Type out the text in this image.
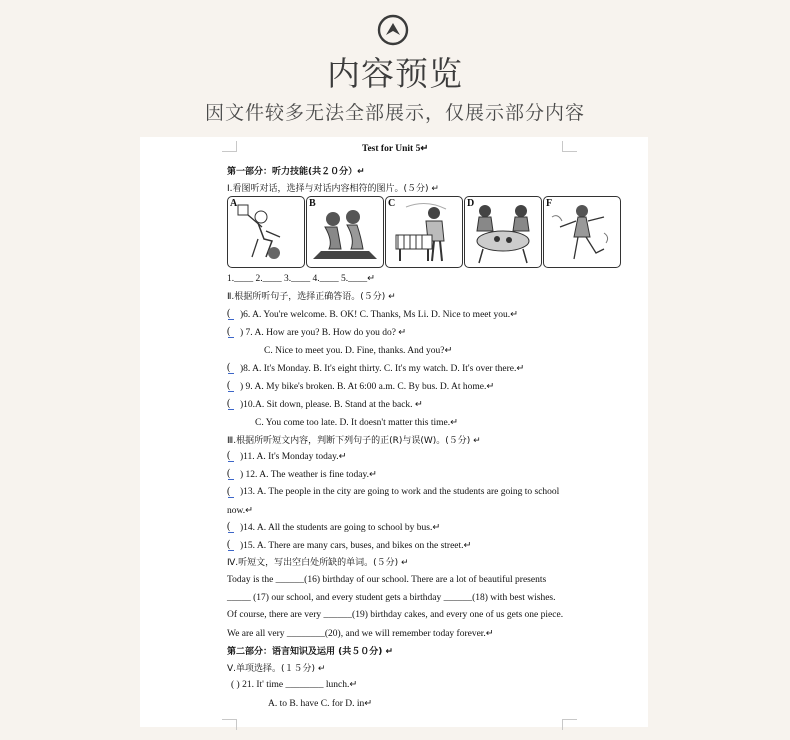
内容预览
因文件较多无法全部展示，仅展示部分内容
Test for Unit 5↵
第一部分：听力技能(共２０分）↵
Ⅰ.看图听对话，选择与对话内容相符的图片。(５分) ↵
A	B	C	D	F
1.____ 2.____ 3.____ 4.____ 5.____↵
Ⅱ.根据所听句子，选择正确答语。(５分) ↵
( )6. A. You're welcome. B. OK! C. Thanks, Ms Li. D. Nice to meet you.↵
( ) 7. A. How are you? B. How do you do? ↵
C. Nice to meet you. D. Fine, thanks. And you?↵
( )8. A. It's Monday. B. It's eight thirty. C. It's my watch. D. It's over there.↵
( ) 9. A. My bike's broken. B. At 6:00 a.m. C. By bus. D. At home.↵
( )10.A. Sit down, please. B. Stand at the back. ↵
C. You come too late. D. It doesn't matter this time.↵
Ⅲ.根据所听短文内容，判断下列句子的正(R)与误(W)。(５分) ↵
( )11. A. It's Monday today.↵
( ) 12. A. The weather is fine today.↵
( )13. A. The people in the city are going to work and the students are going to school
now.↵
( )14. A. All the students are going to school by bus.↵
( )15. A. There are many cars, buses, and bikes on the street.↵
Ⅳ.听短文，写出空白处所缺的单词。(５分) ↵
Today is the ______(16) birthday of our school. There are a lot of beautiful presents
_____ (17) our school, and every student gets a birthday ______(18) with best wishes.
Of course, there are very ______(19) birthday cakes, and every one of us gets one piece.
We are all very ________(20), and we will remember today forever.↵
第二部分：语言知识及运用 (共５０分) ↵
Ⅴ.单项选择。(１５分) ↵
( ) 21. It' time ________ lunch.↵
A. to B. have C. for D. in↵
